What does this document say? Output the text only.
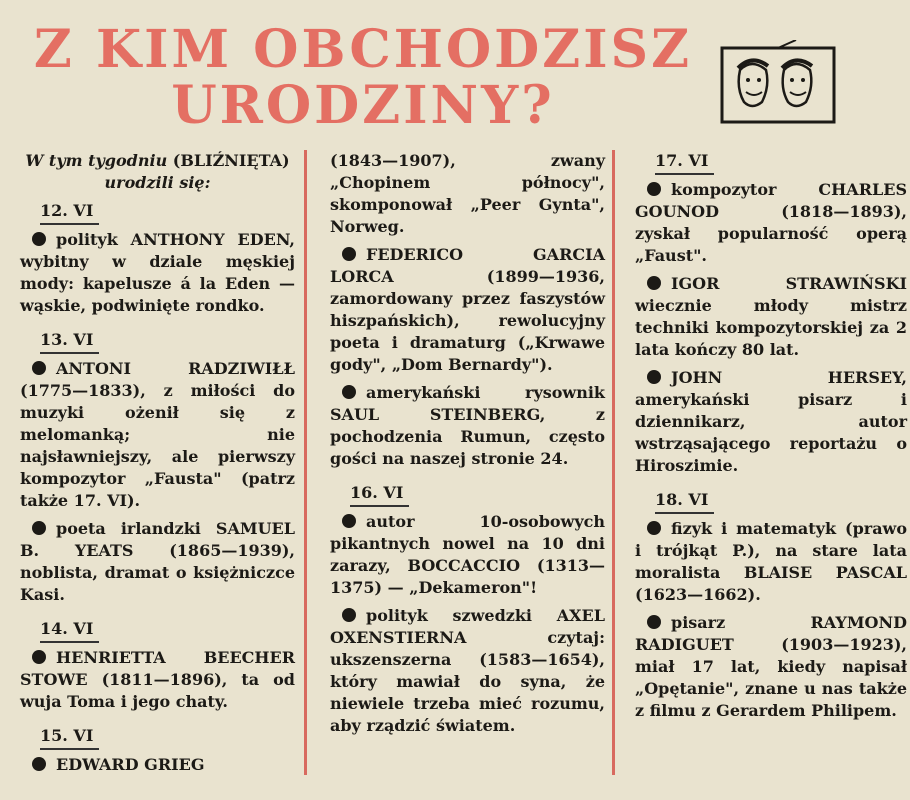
Z KIM OBCHODZISZ
URODZINY?
W tym tygodniu (BLIŹNIĘTA) urodzili się:
12. VI
polityk ANTHONY EDEN, wybitny w dziale męskiej mody: kapelusze á la Eden — wąskie, podwinięte rondko.
13. VI
ANTONI RADZIWIŁŁ (1775—1833), z miłości do muzyki ożenił się z melomanką; nie najsławniejszy, ale pierwszy kompozytor „Fausta" (patrz także 17. VI).
poeta irlandzki SAMUEL B. YEATS (1865—1939), noblista, dramat o księżniczce Kasi.
14. VI
HENRIETTA BEECHER STOWE (1811—1896), ta od wuja Toma i jego chaty.
15. VI
EDWARD GRIEG
(1843—1907), zwany „Chopinem północy", skomponował „Peer Gynta", Norweg.
FEDERICO GARCIA LORCA (1899—1936, zamordowany przez faszystów hiszpańskich), rewolucyjny poeta i dramaturg („Krwawe gody", „Dom Bernardy").
amerykański rysownik SAUL STEINBERG, z pochodzenia Rumun, często gości na naszej stronie 24.
16. VI
autor 10-osobowych pikantnych nowel na 10 dni zarazy, BOCCACCIO (1313—1375) — „Dekameron"!
polityk szwedzki AXEL OXENSTIERNA czytaj: ukszenszerna (1583—1654), który mawiał do syna, że niewiele trzeba mieć rozumu, aby rządzić światem.
17. VI
kompozytor CHARLES GOUNOD (1818—1893), zyskał popularność operą „Faust".
IGOR STRAWIŃSKI wiecznie młody mistrz techniki kompozytorskiej za 2 lata kończy 80 lat.
JOHN HERSEY, amerykański pisarz i dziennikarz, autor wstrząsającego reportażu o Hiroszimie.
18. VI
fizyk i matematyk (prawo i trójkąt P.), na stare lata moralista BLAISE PASCAL (1623—1662).
pisarz RAYMOND RADIGUET (1903—1923), miał 17 lat, kiedy napisał „Opętanie", znane u nas także z filmu z Gerardem Philipem.
